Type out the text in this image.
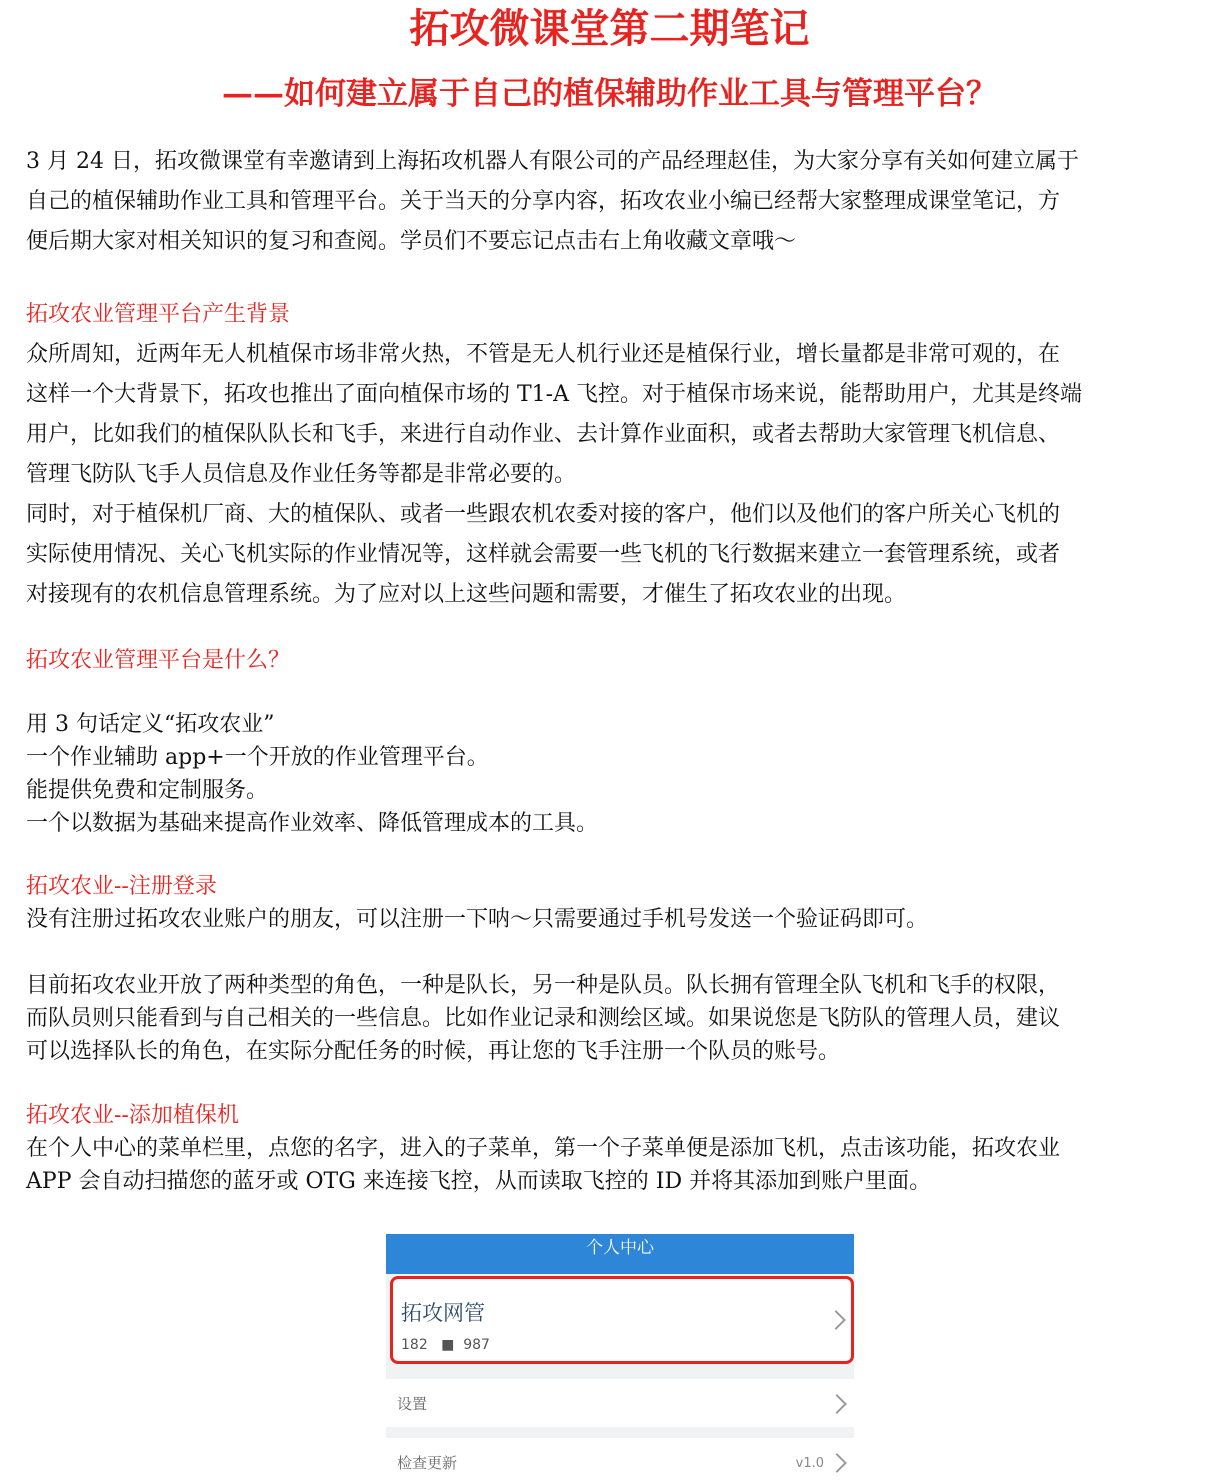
拓攻微课堂第二期笔记
——如何建立属于自己的植保辅助作业工具与管理平台？
3 月 24 日，拓攻微课堂有幸邀请到上海拓攻机器人有限公司的产品经理赵佳，为大家分享有关如何建立属于
自己的植保辅助作业工具和管理平台。关于当天的分享内容，拓攻农业小编已经帮大家整理成课堂笔记，方
便后期大家对相关知识的复习和查阅。学员们不要忘记点击右上角收藏文章哦～
拓攻农业管理平台产生背景
众所周知，近两年无人机植保市场非常火热，不管是无人机行业还是植保行业，增长量都是非常可观的，在
这样一个大背景下，拓攻也推出了面向植保市场的 T1-A 飞控。对于植保市场来说，能帮助用户，尤其是终端
用户，比如我们的植保队队长和飞手，来进行自动作业、去计算作业面积，或者去帮助大家管理飞机信息、
管理飞防队飞手人员信息及作业任务等都是非常必要的。
同时，对于植保机厂商、大的植保队、或者一些跟农机农委对接的客户，他们以及他们的客户所关心飞机的
实际使用情况、关心飞机实际的作业情况等，这样就会需要一些飞机的飞行数据来建立一套管理系统，或者
对接现有的农机信息管理系统。为了应对以上这些问题和需要，才催生了拓攻农业的出现。
拓攻农业管理平台是什么？
用 3 句话定义“拓攻农业”
一个作业辅助 app+一个开放的作业管理平台。
能提供免费和定制服务。
一个以数据为基础来提高作业效率、降低管理成本的工具。
拓攻农业--注册登录
没有注册过拓攻农业账户的朋友，可以注册一下呐～只需要通过手机号发送一个验证码即可。
目前拓攻农业开放了两种类型的角色，一种是队长，另一种是队员。队长拥有管理全队飞机和飞手的权限，
而队员则只能看到与自己相关的一些信息。比如作业记录和测绘区域。如果说您是飞防队的管理人员，建议
可以选择队长的角色，在实际分配任务的时候，再让您的飞手注册一个队员的账号。
拓攻农业--添加植保机
在个人中心的菜单栏里，点您的名字，进入的子菜单，第一个子菜单便是添加飞机，点击该功能，拓攻农业
APP 会自动扫描您的蓝牙或 OTG 来连接飞控，从而读取飞控的 ID 并将其添加到账户里面。
个人中心
拓攻网管
182   ■  987
设置
检查更新	v1.0
